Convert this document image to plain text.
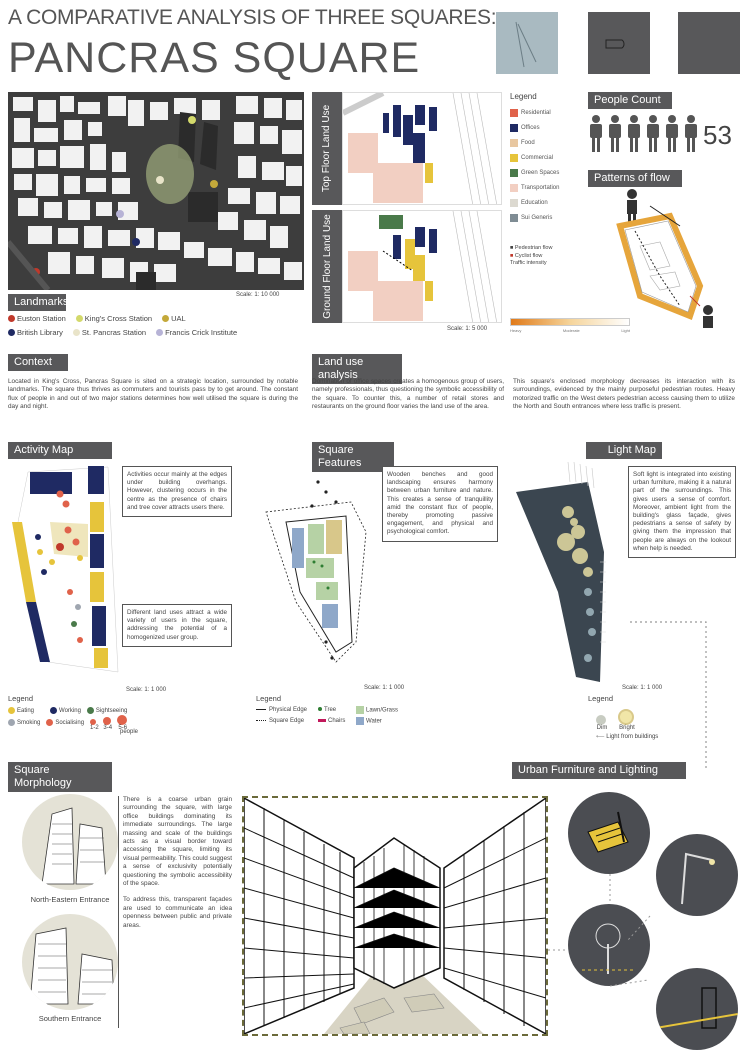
A COMPARATIVE ANALYSIS OF THREE SQUARES:
PANCRAS SQUARE
Scale: 1: 10 000
Landmarks
Euston Station	King's Cross Station	UAL
British Library	St. Pancras Station	Francis Crick Institute
Top Floor Land Use
Ground Floor Land Use
Scale: 1: 5 000
Legend
Residential
Offices
Food
Commercial
Green Spaces
Transportation
Education
Sui Generis
■ Pedestrian flow
■ Cyclist flow
Traffic intensity
Heavy	Moderate	Light
People Count
53
Patterns of flow
Context
Located in King's Cross, Pancras Square is sited on a strategic location, surrounded by notable landmarks. The square thus thrives as commuters and tourists pass by to get around. The constant flux of people in and out of two major stations determines how well utilised the square is during the day and night.
Land use analysis
Domination of office spaces creates a homogenous group of users, namely professionals, thus questioning the symbolic accessibility of the square. To counter this, a number of retail stores and restaurants on the ground floor varies the land use of the area.
This square's enclosed morphology decreases its interaction with its surroundings, evidenced by the mainly purposeful pedestrian routes. Heavy motorized traffic on the West deters pedestrian access causing them to utilize the North and South entrances where less traffic is present.
Activity Map
Activities occur mainly at the edges under building overhangs. However, clustering occurs in the centre as the presence of chairs and tree cover attracts users there.
Different land uses attract a wide variety of users in the square, addressing the potential of a homogenized user group.
Scale: 1: 1 000
Legend
Eating	Working	Sightseeing
Smoking	Socialising
1-2 3-4 5-6
people
Square Features
Wooden benches and good landscaping ensures harmony between urban furniture and nature. This creates a sense of tranquillity amid the constant flux of people, thereby promoting passive engagement, and physical and psychological comfort.
Scale: 1: 1 000
Legend
Physical Edge	Tree	Lawn/Grass
Square Edge	Chairs	Water
Light Map
Soft light is integrated into existing urban furniture, making it a natural part of the surroundings. This gives users a sense of comfort. Moreover, ambient light from the building's glass façade, gives pedestrians a sense of safety by giving them the impression that people are always on the lookout when help is needed.
Scale: 1: 1 000
Legend
Dim Bright
⟵ Light from buildings
Square Morphology
North-Eastern Entrance
Southern Entrance
There is a coarse urban grain surrounding the square, with large office buildings dominating its immediate surroundings. The large massing and scale of the buildings acts as a visual border toward accessing the square, limiting its visual permeability. This could suggest a sense of exclusivity potentially questioning the symbolic accessibility of the space.
To address this, transparent façades are used to communicate an idea openness between public and private areas.
Urban Furniture and Lighting
